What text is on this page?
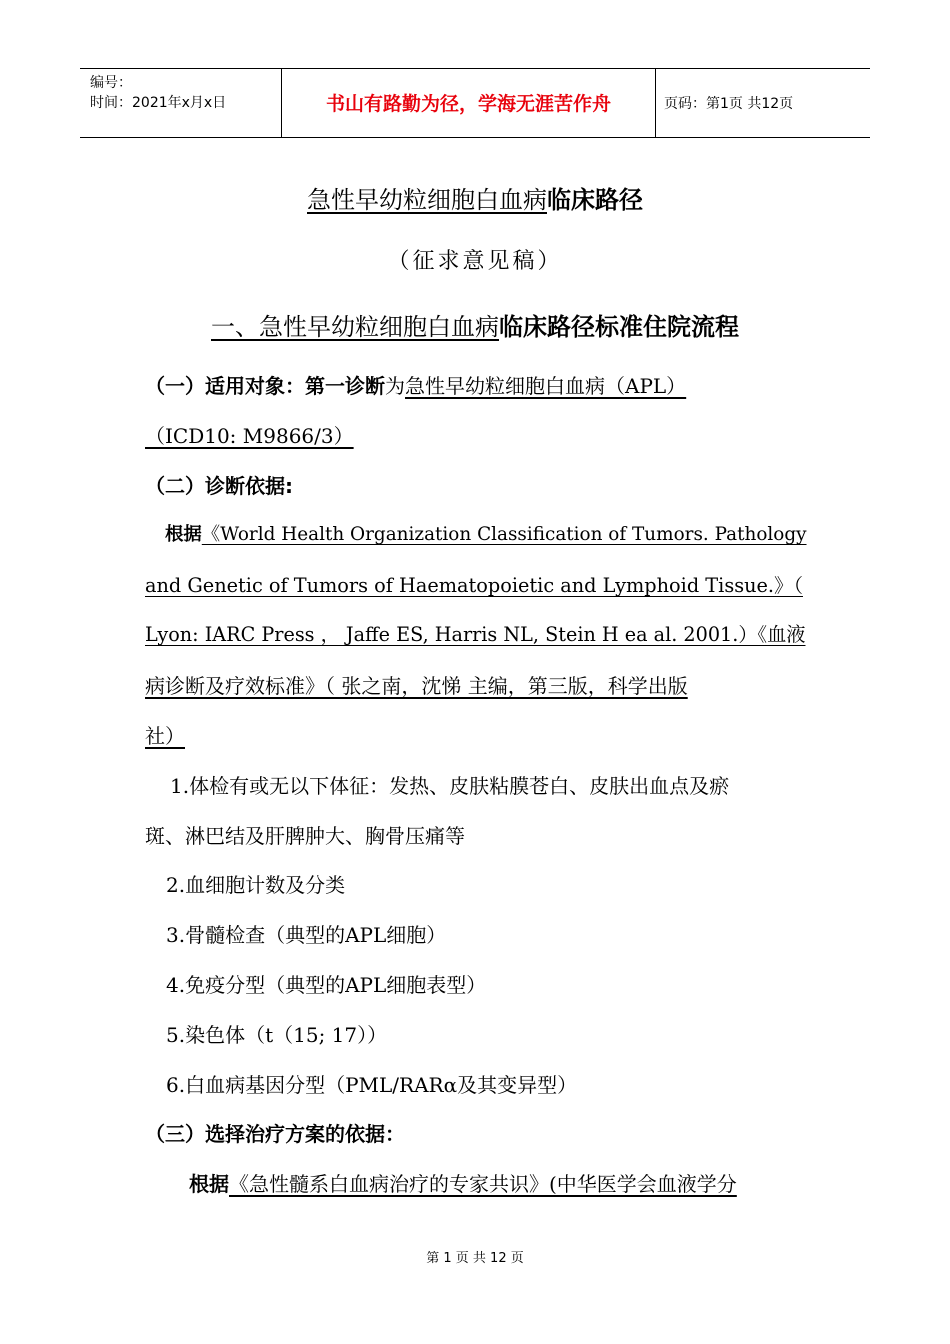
编号：
时间：2021年x月x日	书山有路勤为径，学海无涯苦作舟	页码：第1页 共12页
急性早幼粒细胞白血病临床路径
（征求意见稿）
一、急性早幼粒细胞白血病临床路径标准住院流程
（一）适用对象：第一诊断为急性早幼粒细胞白血病（APL）
（ICD10: M9866/3）
（二）诊断依据:
根据《World Health Organization Classification of Tumors. Pathology
and Genetic of Tumors of Haematopoietic and Lymphoid Tissue.》（
Lyon: IARC Press ， Jaffe ES, Harris NL, Stein H ea al. 2001.）《血液
病诊断及疗效标准》（ 张之南，沈悌 主编，第三版，科学出版
社）
1.体检有或无以下体征：发热、皮肤粘膜苍白、皮肤出血点及瘀
斑、淋巴结及肝脾肿大、胸骨压痛等
2.血细胞计数及分类
3.骨髓检查（典型的APL细胞）
4.免疫分型（典型的APL细胞表型）
5.染色体（t（15; 17））
6.白血病基因分型（PML/RARα及其变异型）
（三）选择治疗方案的依据：
根据《急性髓系白血病治疗的专家共识》(中华医学会血液学分
第 1 页 共 12 页
